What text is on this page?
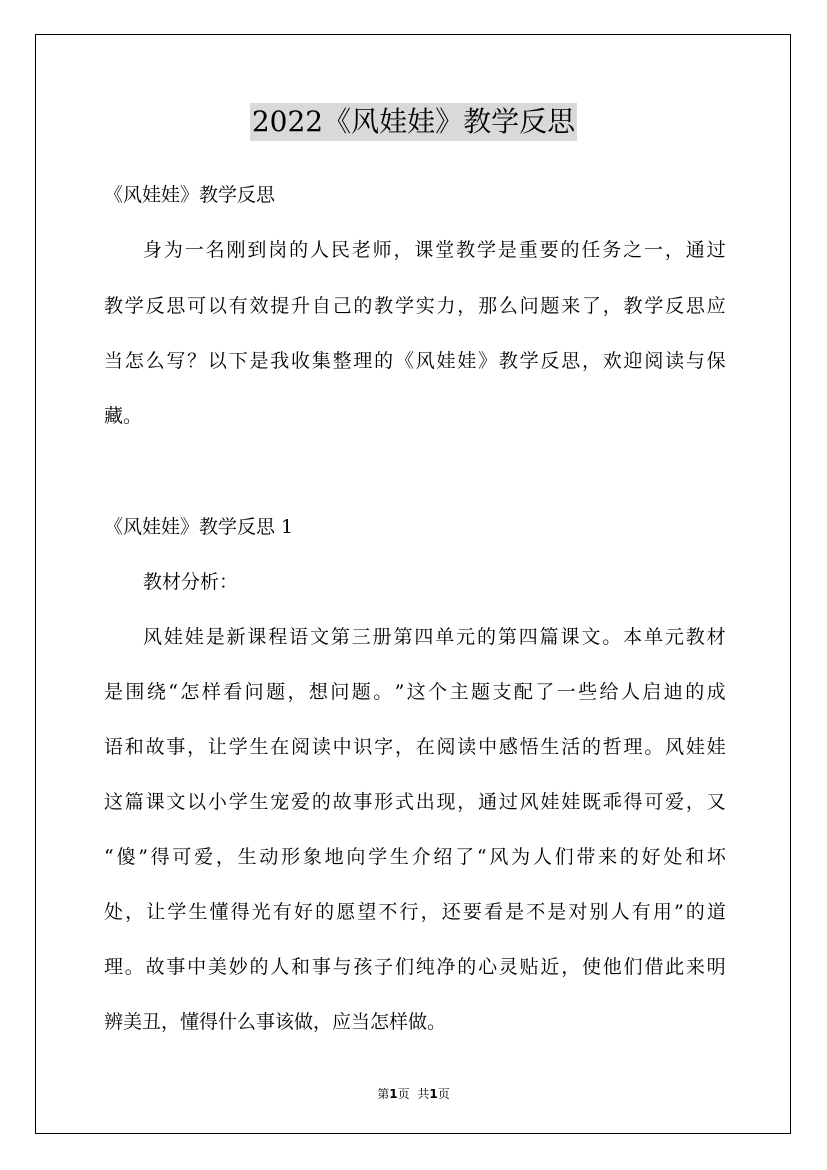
2022《风娃娃》教学反思
《风娃娃》教学反思
身 为 一 名 刚 到 岗 的 人 民 老 师 ， 课 堂 教 学 是 重 要 的 任 务 之 一 ， 通 过
教 学 反 思 可 以 有 效 提 升 自 己 的 教 学 实 力 ， 那 么 问 题 来 了 ， 教 学 反 思 应
当 怎 么 写 ？ 以 下 是 我 收 集 整 理 的 《 风 娃 娃 》 教 学 反 思 ， 欢 迎 阅 读 与 保
藏。
《风娃娃》教学反思 1
教材分析：
风 娃 娃 是 新 课 程 语 文 第 三 册 第 四 单 元 的 第 四 篇 课 文 。 本 单 元 教 材
是 围 绕 “ 怎 样 看 问 题 ， 想 问 题 。 ” 这 个 主 题 支 配 了 一 些 给 人 启 迪 的 成
语 和 故 事 ， 让 学 生 在 阅 读 中 识 字 ， 在 阅 读 中 感 悟 生 活 的 哲 理 。 风 娃 娃
这 篇 课 文 以 小 学 生 宠 爱 的 故 事 形 式 出 现 ， 通 过 风 娃 娃 既 乖 得 可 爱 ， 又
“ 傻 ” 得 可 爱 ， 生 动 形 象 地 向 学 生 介 绍 了 “ 风 为 人 们 带 来 的 好 处 和 坏
处 ， 让 学 生 懂 得 光 有 好 的 愿 望 不 行 ， 还 要 看 是 不 是 对 别 人 有 用 ” 的 道
理 。 故 事 中 美 妙 的 人 和 事 与 孩 子 们 纯 净 的 心 灵 贴 近 ， 使 他 们 借 此 来 明
辨美丑，懂得什么事该做，应当怎样做。
第1页 共1页
